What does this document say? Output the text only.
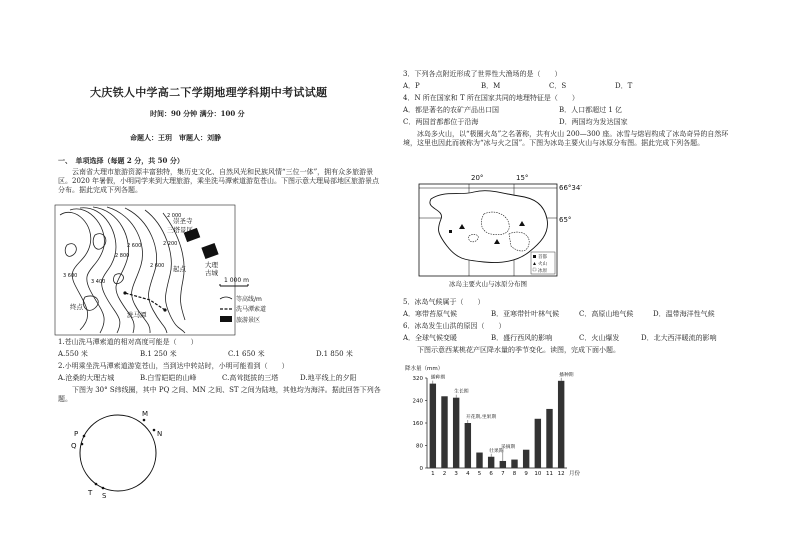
大庆铁人中学高二下学期地理学科期中考试试题
时间：90 分钟 满分：100 分
命题人：王玥　审题人：刘静
一、　单项选择（每题 2 分，共 50 分）
云南省大理市旅游资源丰富独特，集历史文化、自然风光和民族风情“三位一体”，拥有众多旅游景区。2020 年暑假，小明同学来到大理旅游，乘坐洗马潭索道游览苍山。下图示意大理局部地区旅游景点分布。据此完成下列各题。
崇圣寺
三塔景区
大理
古城
起点
终点
洗马潭
2 800
2 600
2 600
2 200
3 600
3 400
2 000
1 000 m
等高线/m
洗马潭索道
旅游景区
1.苍山洗马潭索道的相对高度可能是（　　）
A.550 米	B.1 250 米	C.1 650 米	D.1 850 米
2.小明乘坐洗马潭索道游览苍山，当到达中转站时，小明可能看到（　　）
A.沧桑的大理古城	B.白雪皑皑的山峰	C.高耸挺拔的三塔	D.地平线上的夕阳
下图为 30° S纬线圈，其中 PQ 之间、MN 之间、ST 之间为陆地，其他均为海洋。据此回答下列各题。
P
Q
M
N
T S
3．下列各点附近形成了世界性大渔场的是（　　）
A．P	B．M	C．S	D．T
4．N 所在国家和 T 所在国家共同的地理特征是（　　）
A．都是著名的农矿产品出口国	B．人口都超过 1 亿
C．两国首都都位于沿海	D．两国均为发达国家
冰岛多火山，以“极圈火岛”之名著称，共有火山 200—300 座。冰雪与熔岩构成了冰岛奇异的自然环境，这里也因此而被称为“冰与火之国”。下图为冰岛主要火山与冰原分布图。据此完成下列各题。
20°	15°
66°34′
65°
首都
火山
冰原
冰岛主要火山与冰原分布图
5．冰岛气候属于（　　）
A．寒带苔原气候	B．亚寒带针叶林气候	C．高原山地气候	D．温带海洋性气候
6．冰岛发生山洪的原因（　　）
A．全球气候变暖	B．盛行西风的影响	C．火山爆发	D．北大西洋暖流的影响
下图示意西某桃花产区降水量的季节变化。读图，完成下面小题。
降水量（mm）
0
80
160
240
320
1 2 3 4 5 6 7 8 9 10 11 12 月份
播种期
生长期
开花期,坐果期
壮果期
采摘期
播种期
